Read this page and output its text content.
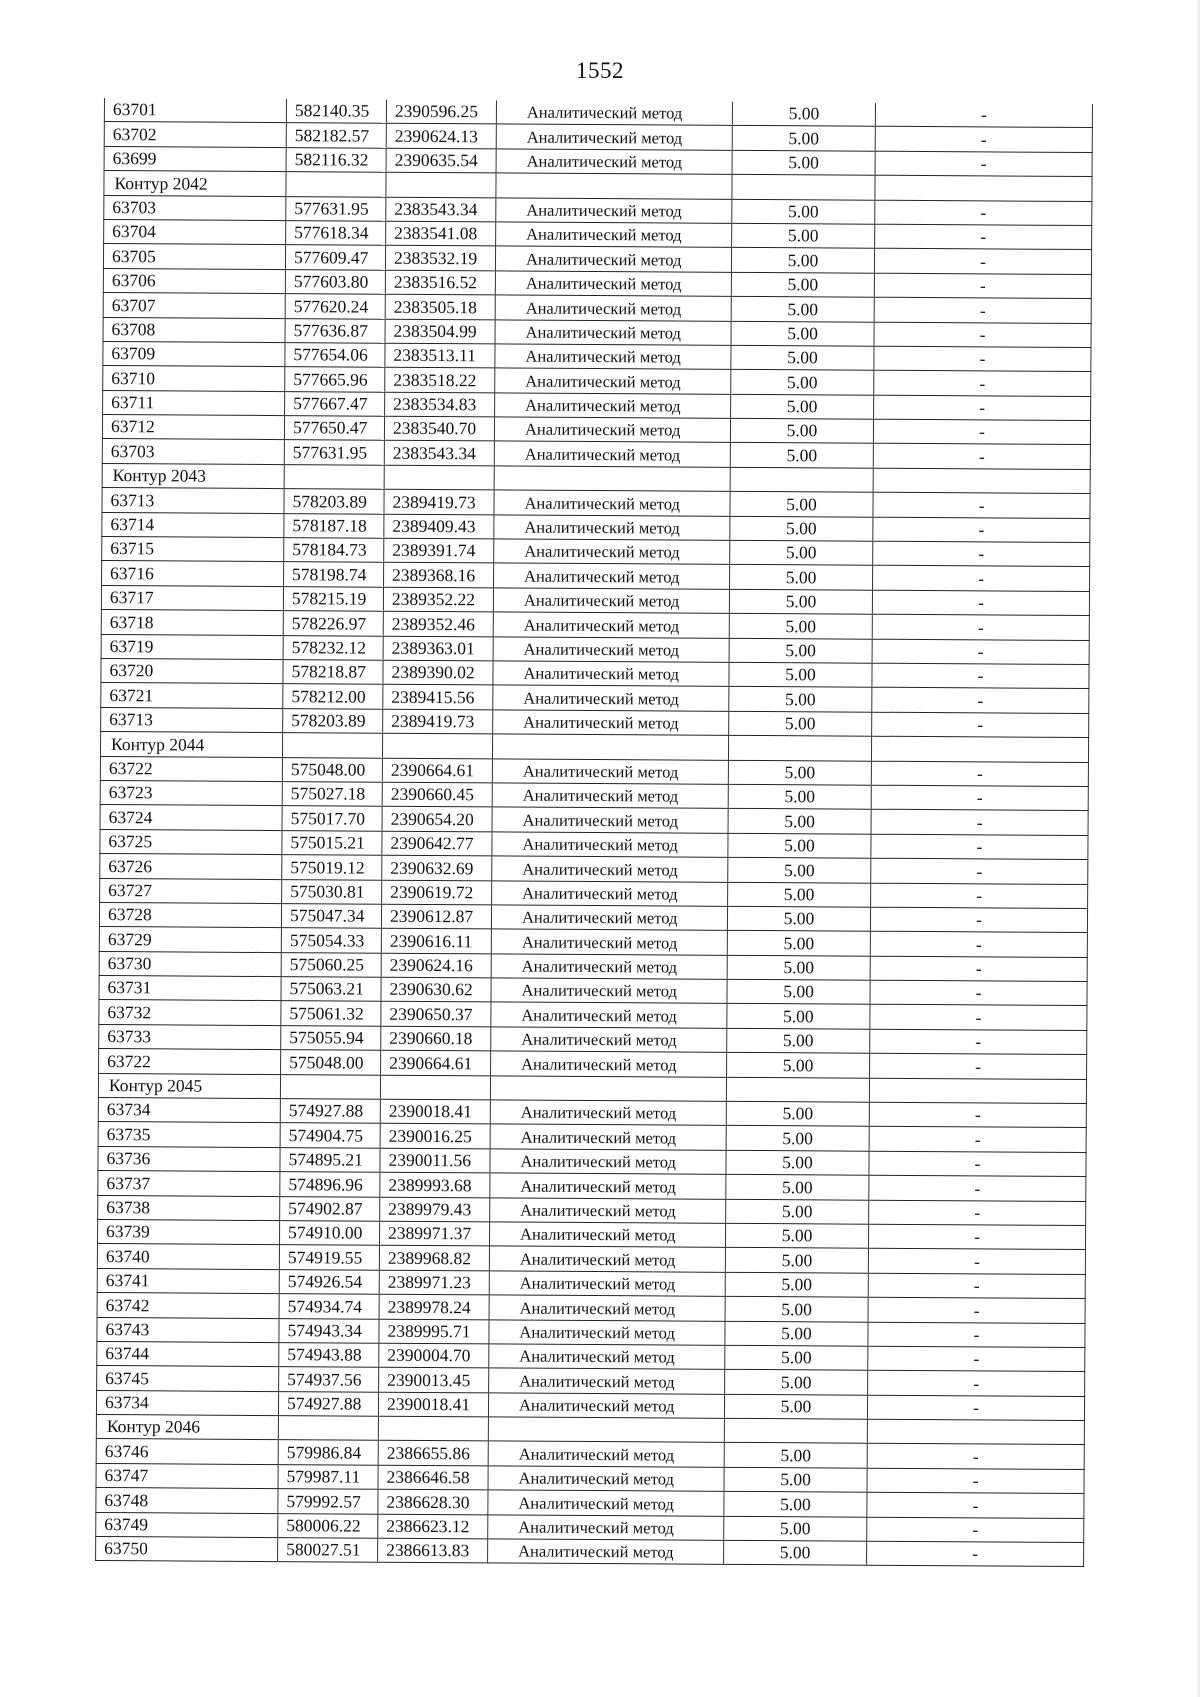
1552
63701	582140.35	2390596.25	Аналитический метод	5.00	-
63702	582182.57	2390624.13	Аналитический метод	5.00	-
63699	582116.32	2390635.54	Аналитический метод	5.00	-
Контур 2042					
63703	577631.95	2383543.34	Аналитический метод	5.00	-
63704	577618.34	2383541.08	Аналитический метод	5.00	-
63705	577609.47	2383532.19	Аналитический метод	5.00	-
63706	577603.80	2383516.52	Аналитический метод	5.00	-
63707	577620.24	2383505.18	Аналитический метод	5.00	-
63708	577636.87	2383504.99	Аналитический метод	5.00	-
63709	577654.06	2383513.11	Аналитический метод	5.00	-
63710	577665.96	2383518.22	Аналитический метод	5.00	-
63711	577667.47	2383534.83	Аналитический метод	5.00	-
63712	577650.47	2383540.70	Аналитический метод	5.00	-
63703	577631.95	2383543.34	Аналитический метод	5.00	-
Контур 2043					
63713	578203.89	2389419.73	Аналитический метод	5.00	-
63714	578187.18	2389409.43	Аналитический метод	5.00	-
63715	578184.73	2389391.74	Аналитический метод	5.00	-
63716	578198.74	2389368.16	Аналитический метод	5.00	-
63717	578215.19	2389352.22	Аналитический метод	5.00	-
63718	578226.97	2389352.46	Аналитический метод	5.00	-
63719	578232.12	2389363.01	Аналитический метод	5.00	-
63720	578218.87	2389390.02	Аналитический метод	5.00	-
63721	578212.00	2389415.56	Аналитический метод	5.00	-
63713	578203.89	2389419.73	Аналитический метод	5.00	-
Контур 2044					
63722	575048.00	2390664.61	Аналитический метод	5.00	-
63723	575027.18	2390660.45	Аналитический метод	5.00	-
63724	575017.70	2390654.20	Аналитический метод	5.00	-
63725	575015.21	2390642.77	Аналитический метод	5.00	-
63726	575019.12	2390632.69	Аналитический метод	5.00	-
63727	575030.81	2390619.72	Аналитический метод	5.00	-
63728	575047.34	2390612.87	Аналитический метод	5.00	-
63729	575054.33	2390616.11	Аналитический метод	5.00	-
63730	575060.25	2390624.16	Аналитический метод	5.00	-
63731	575063.21	2390630.62	Аналитический метод	5.00	-
63732	575061.32	2390650.37	Аналитический метод	5.00	-
63733	575055.94	2390660.18	Аналитический метод	5.00	-
63722	575048.00	2390664.61	Аналитический метод	5.00	-
Контур 2045					
63734	574927.88	2390018.41	Аналитический метод	5.00	-
63735	574904.75	2390016.25	Аналитический метод	5.00	-
63736	574895.21	2390011.56	Аналитический метод	5.00	-
63737	574896.96	2389993.68	Аналитический метод	5.00	-
63738	574902.87	2389979.43	Аналитический метод	5.00	-
63739	574910.00	2389971.37	Аналитический метод	5.00	-
63740	574919.55	2389968.82	Аналитический метод	5.00	-
63741	574926.54	2389971.23	Аналитический метод	5.00	-
63742	574934.74	2389978.24	Аналитический метод	5.00	-
63743	574943.34	2389995.71	Аналитический метод	5.00	-
63744	574943.88	2390004.70	Аналитический метод	5.00	-
63745	574937.56	2390013.45	Аналитический метод	5.00	-
63734	574927.88	2390018.41	Аналитический метод	5.00	-
Контур 2046					
63746	579986.84	2386655.86	Аналитический метод	5.00	-
63747	579987.11	2386646.58	Аналитический метод	5.00	-
63748	579992.57	2386628.30	Аналитический метод	5.00	-
63749	580006.22	2386623.12	Аналитический метод	5.00	-
63750	580027.51	2386613.83	Аналитический метод	5.00	-
